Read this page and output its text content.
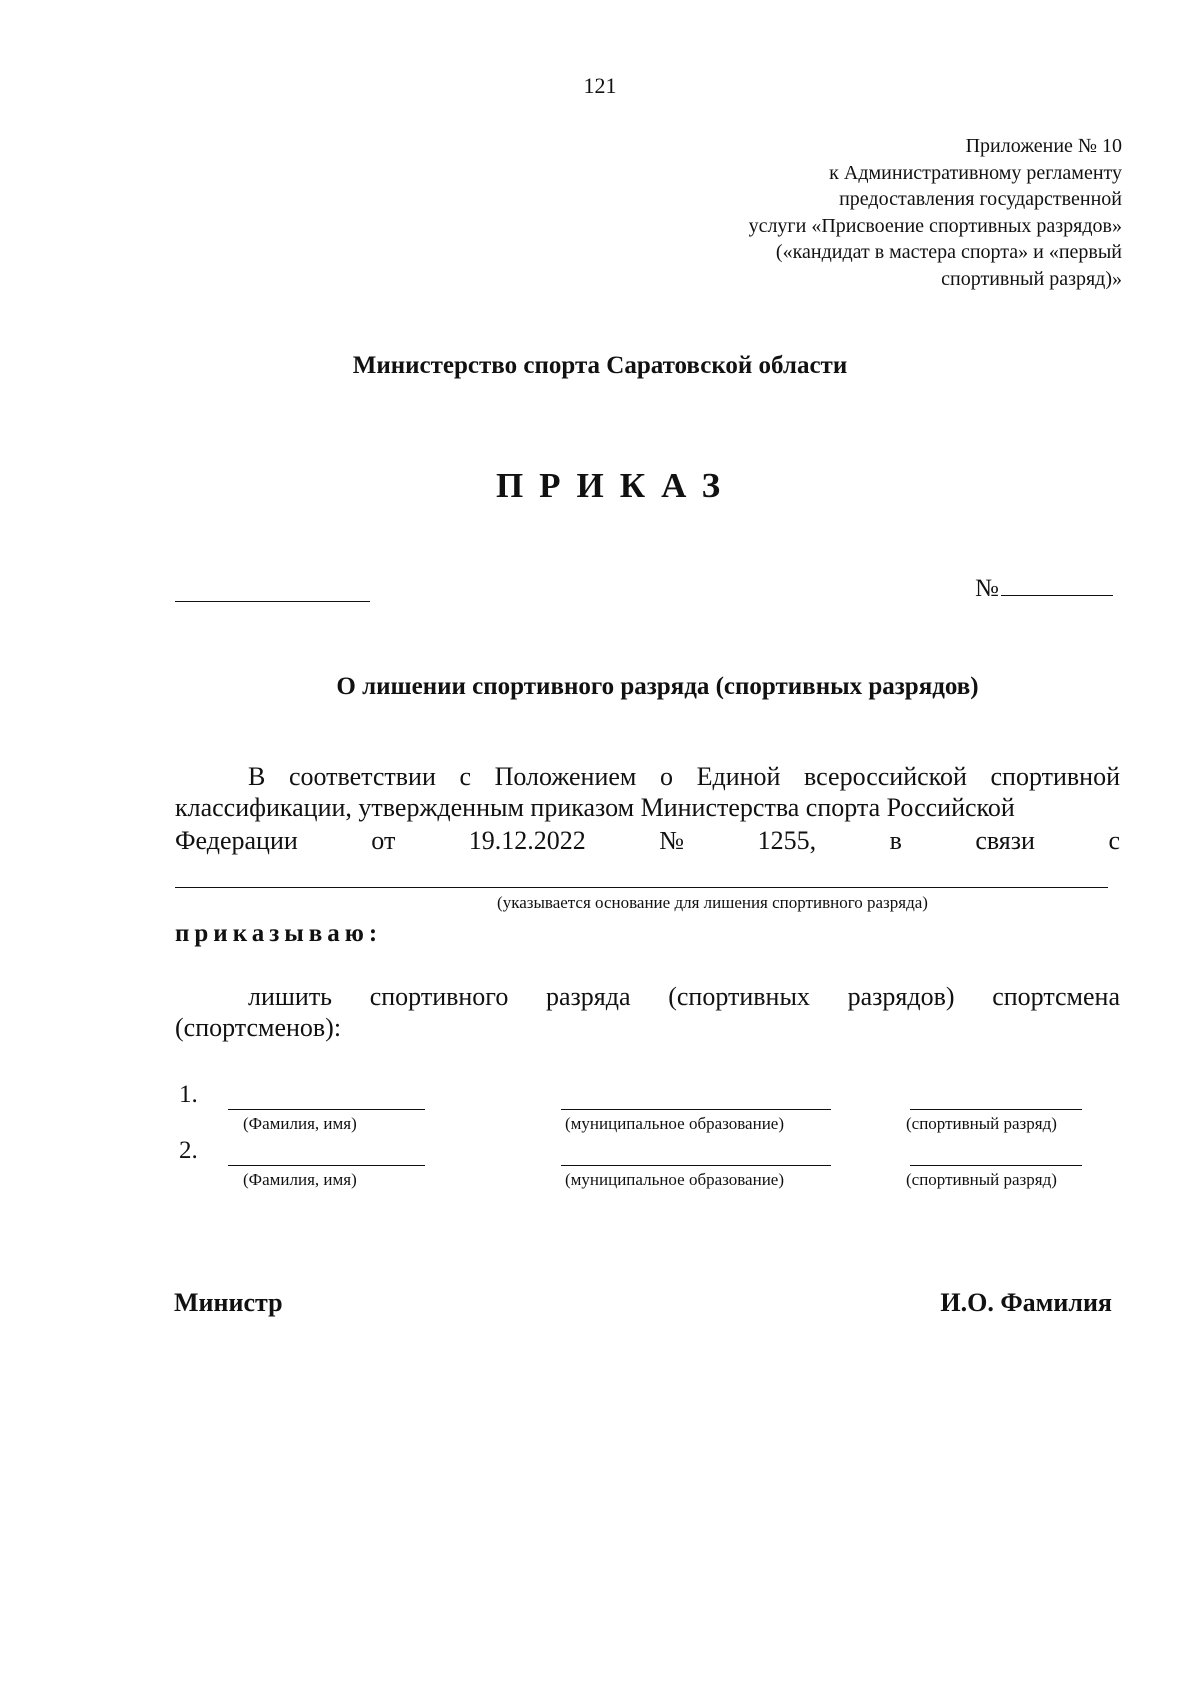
121
Приложение № 10
к Административному регламенту
предоставления государственной
услуги «Присвоение спортивных разрядов»
(«кандидат в мастера спорта» и «первый
спортивный разряд)»
Министерство спорта Саратовской области
ПРИКАЗ
№
О лишении спортивного разряда (спортивных разрядов)
В соответствии с Положением о Единой всероссийской спортивной классификации, утвержденным приказом Министерства спорта Российской
Федерации	от	19.12.2022	№	1255,	в	связи	с
(указывается основание для лишения спортивного разряда)
приказываю:
лишить спортивного разряда (спортивных разрядов) спортсмена
(спортсменов):
1.
(Фамилия, имя)	(муниципальное образование)	(спортивный разряд)
2.
(Фамилия, имя)	(муниципальное образование)	(спортивный разряд)
Министр	И.О. Фамилия
